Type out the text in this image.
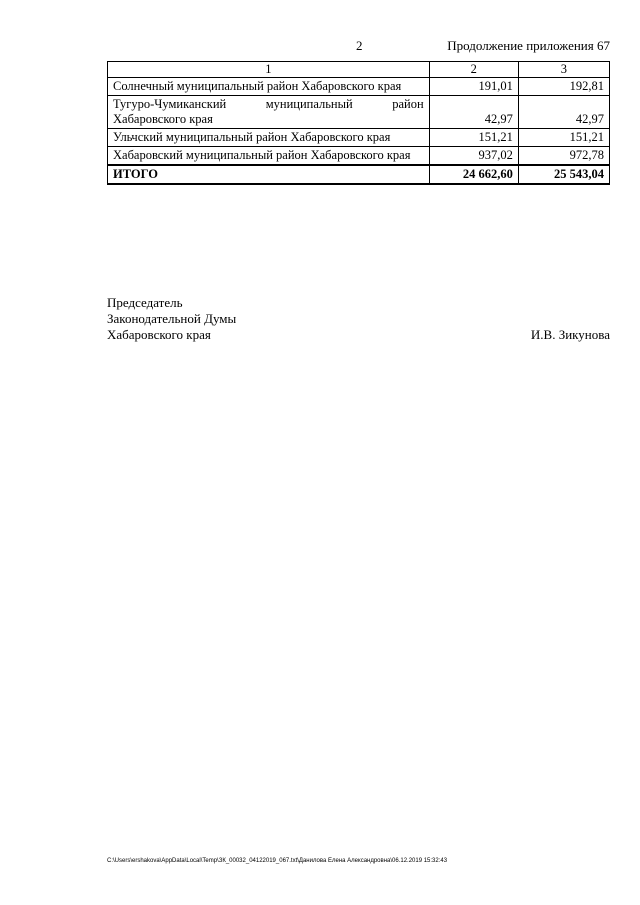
2	Продолжение приложения 67
1	2	3
Солнечный муниципальный район Хабаровского края	191,01	192,81
Тугуро-Чумиканский муниципальный район Хабаровского края	42,97	42,97
Ульчский муниципальный район Хабаровского края	151,21	151,21
Хабаровский муниципальный район Хабаровского края	937,02	972,78
ИТОГО	24 662,60	25 543,04
Председатель
Законодательной Думы
Хабаровского края	И.В. Зикунова
C:\Users\ershakova\AppData\Local\Temp\ЗК_00032_04122019_067.txt\Данилова Елена Александровна\06.12.2019 15:32:43
